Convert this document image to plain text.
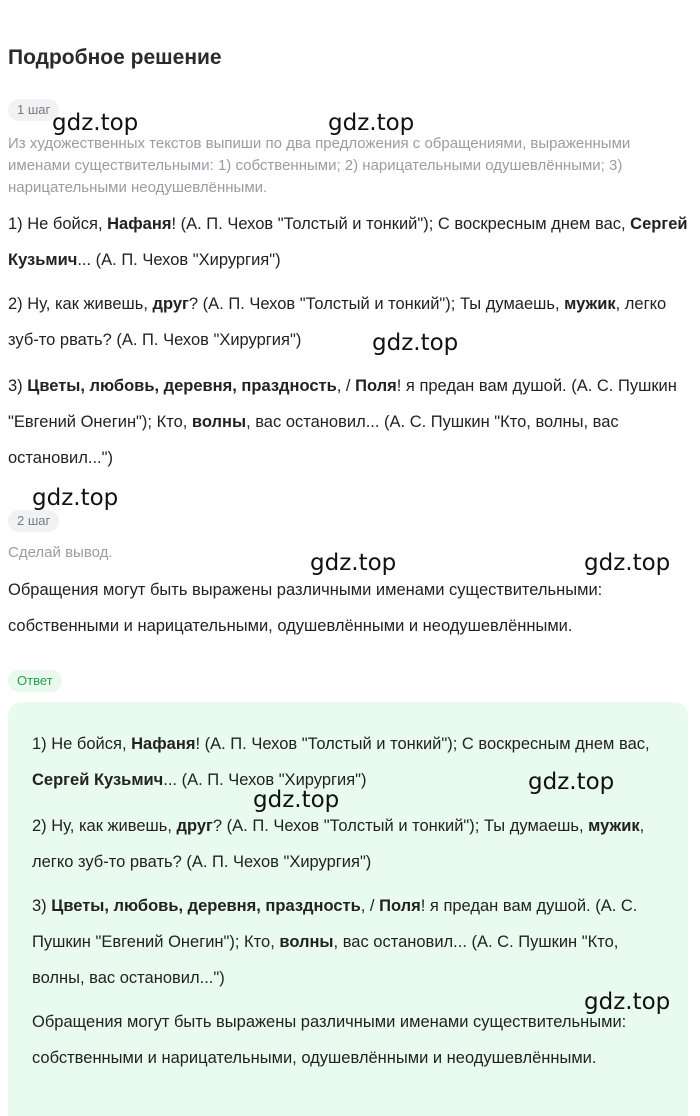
Подробное решение
1 шаг

Из художественных текстов выпиши по два предложения с обращениями, выраженными именами существительными: 1) собственными; 2) нарицательными одушевлёнными; 3) нарицательными неодушевлёнными.

1) Не бойся, Нафаня! (А. П. Чехов "Толстый и тонкий"); С воскресным днем вас, Сергей Кузьмич... (А. П. Чехов "Хирургия")

2) Ну, как живешь, друг? (А. П. Чехов "Толстый и тонкий"); Ты думаешь, мужик, легко зуб-то рвать? (А. П. Чехов "Хирургия")

3) Цветы, любовь, деревня, праздность, / Поля! я предан вам душой. (А. С. Пушкин "Евгений Онегин"); Кто, волны, вас остановил... (А. С. Пушкин "Кто, волны, вас остановил...")

2 шаг

Сделай вывод.

Обращения могут быть выражены различными именами существительными: собственными и нарицательными, одушевлёнными и неодушевлёнными.

Ответ

1) Не бойся, Нафаня! (А. П. Чехов "Толстый и тонкий"); С воскресным днем вас, Сергей Кузьмич... (А. П. Чехов "Хирургия")

2) Ну, как живешь, друг? (А. П. Чехов "Толстый и тонкий"); Ты думаешь, мужик, легко зуб-то рвать? (А. П. Чехов "Хирургия")

3) Цветы, любовь, деревня, праздность, / Поля! я предан вам душой. (А. С. Пушкин "Евгений Онегин"); Кто, волны, вас остановил... (А. С. Пушкин "Кто, волны, вас остановил...")

Обращения могут быть выражены различными именами существительными: собственными и нарицательными, одушевлёнными и неодушевлёнными.

gdz.top	gdz.top
gdz.top
gdz.top
gdz.top	gdz.top
gdz.top
gdz.top
gdz.top
